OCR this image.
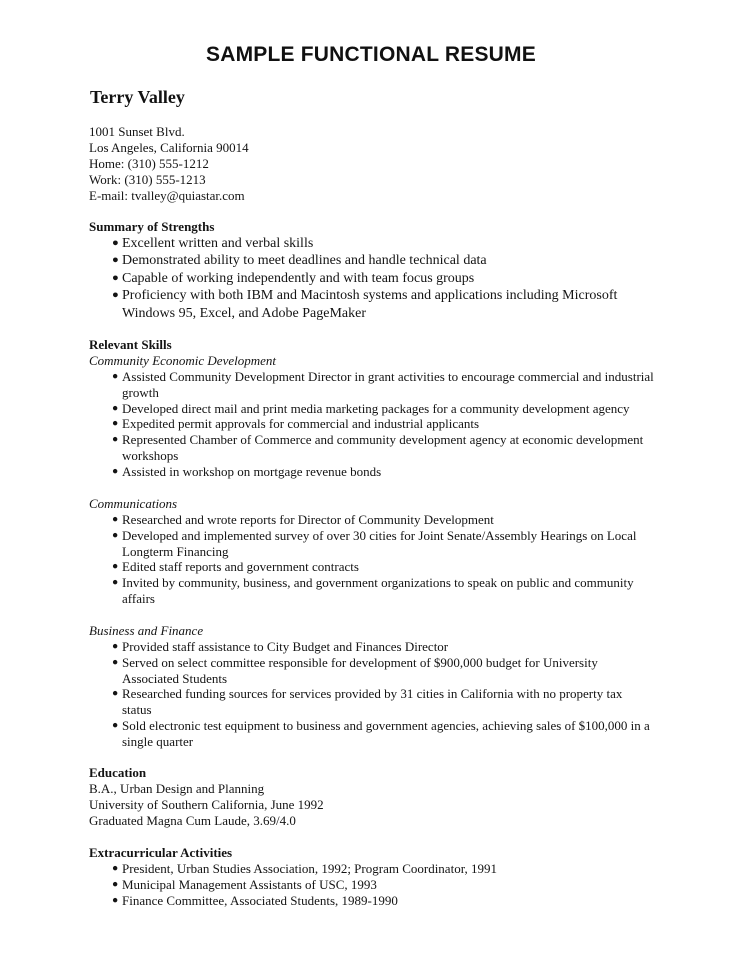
SAMPLE FUNCTIONAL RESUME
Terry Valley
1001 Sunset Blvd.
Los Angeles, California 90014
Home: (310) 555-1212
Work: (310) 555-1213
E-mail: tvalley@quiastar.com
Summary of Strengths
● Excellent written and verbal skills
● Demonstrated ability to meet deadlines and handle technical data
● Capable of working independently and with team focus groups
● Proficiency with both IBM and Macintosh systems and applications including Microsoft Windows 95, Excel, and Adobe PageMaker
Relevant Skills
Community Economic Development
● Assisted Community Development Director in grant activities to encourage commercial and industrial growth
● Developed direct mail and print media marketing packages for a community development agency
● Expedited permit approvals for commercial and industrial applicants
● Represented Chamber of Commerce and community development agency at economic development workshops
● Assisted in workshop on mortgage revenue bonds
Communications
● Researched and wrote reports for Director of Community Development
● Developed and implemented survey of over 30 cities for Joint Senate/Assembly Hearings on Local Longterm Financing
● Edited staff reports and government contracts
● Invited by community, business, and government organizations to speak on public and community affairs
Business and Finance
● Provided staff assistance to City Budget and Finances Director
● Served on select committee responsible for development of $900,000 budget for University Associated Students
● Researched funding sources for services provided by 31 cities in California with no property tax status
● Sold electronic test equipment to business and government agencies, achieving sales of $100,000 in a single quarter
Education
B.A., Urban Design and Planning
University of Southern California, June 1992
Graduated Magna Cum Laude, 3.69/4.0
Extracurricular Activities
● President, Urban Studies Association, 1992; Program Coordinator, 1991
● Municipal Management Assistants of USC, 1993
● Finance Committee, Associated Students, 1989-1990
